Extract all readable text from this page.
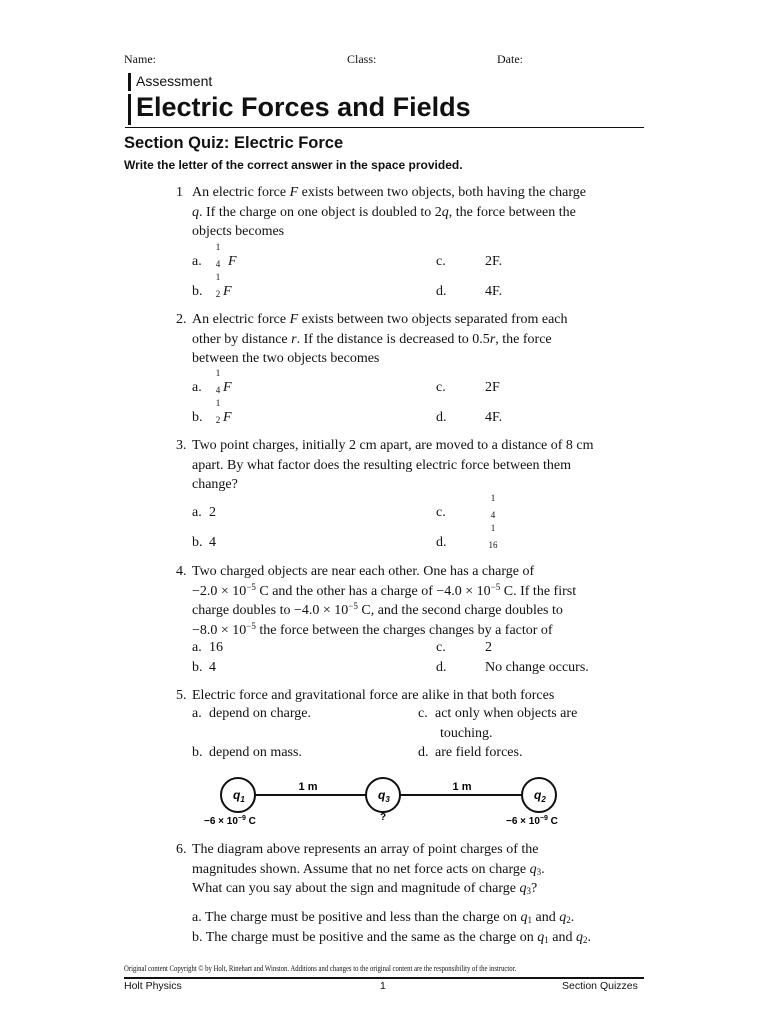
Name:	Class:	Date:
Assessment
Electric Forces and Fields
Section Quiz: Electric Force
Write the letter of the correct answer in the space provided.
1 An electric force F exists between two objects, both having the charge
q. If the charge on one object is doubled to 2q, the force between the
objects becomes
a.
1
4 F
b.
1
2 F
c.	2F.
d.	4F.
2. An electric force F exists between two objects separated from each
other by distance r. If the distance is decreased to 0.5r, the force
between the two objects becomes
a.
1
4 F
b.
1
2 F
c.	2F
d.	4F.
3. Two point charges, initially 2 cm apart, are moved to a distance of 8 cm
apart. By what factor does the resulting electric force between them
change?
a. 2
b. 4
c.
1
4
d.
1
16
4. Two charged objects are near each other. One has a charge of
$-2.0 \times 10^{-5}$ C and the other has a charge of $-4.0 \times 10^{-5}$ C. If the first
charge doubles to $-4.0 \times 10^{-5}$ C, and the second charge doubles to
$-8.0 \times 10^{-5}$ the force between the charges changes by a factor of
a. 16
b. 4
c.	2
d.	No change occurs.
5. Electric force and gravitational force are alike in that both forces
a. depend on charge.
b. depend on mass.
c. act only when objects are
touching.
d. are field forces.
$q_1$	$q_3$	$q_2$
1 m	1 m
$-6 \times 10^{-9}$ C	?	$-6 \times 10^{-9}$ C
6. The diagram above represents an array of point charges of the
magnitudes shown. Assume that no net force acts on charge $q_3$.
What can you say about the sign and magnitude of charge $q_3$?
a. The charge must be positive and less than the charge on $q_1$ and $q_2$.
b. The charge must be positive and the same as the charge on $q_1$ and $q_2$.
Original content Copyright © by Holt, Rinehart and Winston. Additions and changes to the original content are the responsibility of the instructor.
Holt Physics	1	Section Quizzes
